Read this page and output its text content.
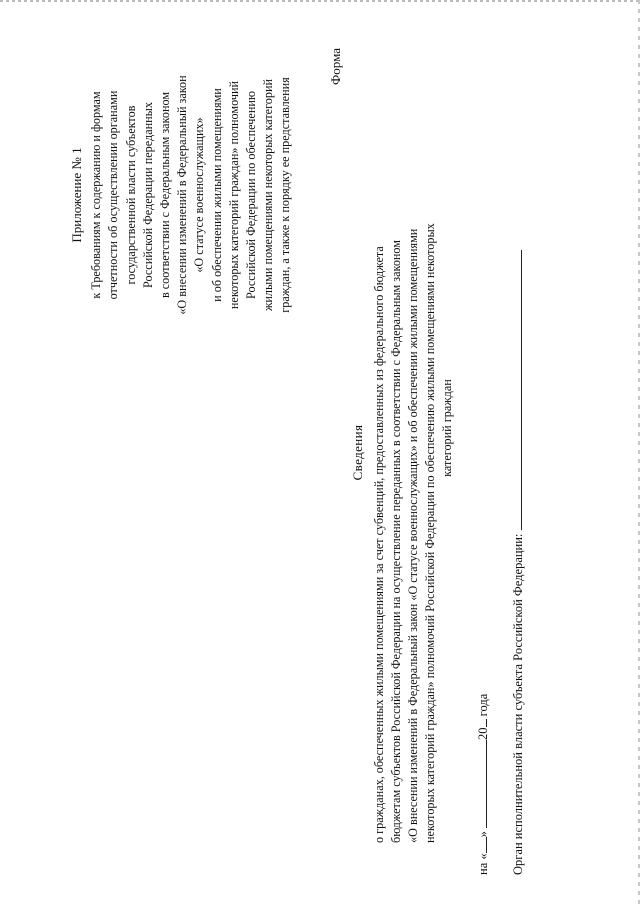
Приложение № 1 к Требованиям к содержанию и формам отчетности об осуществлении органами государственной власти субъектов Российской Федерации переданных в соответствии с Федеральным законом «О внесении изменений в Федеральный закон «О статусе военнослужащих» и об обеспечении жилыми помещениями некоторых категорий граждан» полномочий Российской Федерации по обеспечению жилыми помещениями некоторых категорий граждан, а также к порядку ее представления
Форма
Сведения о гражданах, обеспеченных жилыми помещениями за счет субвенций, предоставленных из федерального бюджета бюджетам субъектов Российской Федерации на осуществление переданных в соответствии с Федеральным законом «О внесении изменений в Федеральный закон «О статусе военнослужащих» и об обеспечении жилыми помещениями некоторых категорий граждан» полномочий Российской Федерации по обеспечению жилыми помещениями некоторых категорий граждан
на «» 20 года Орган исполнительной власти субъекта Российской Федерации:
